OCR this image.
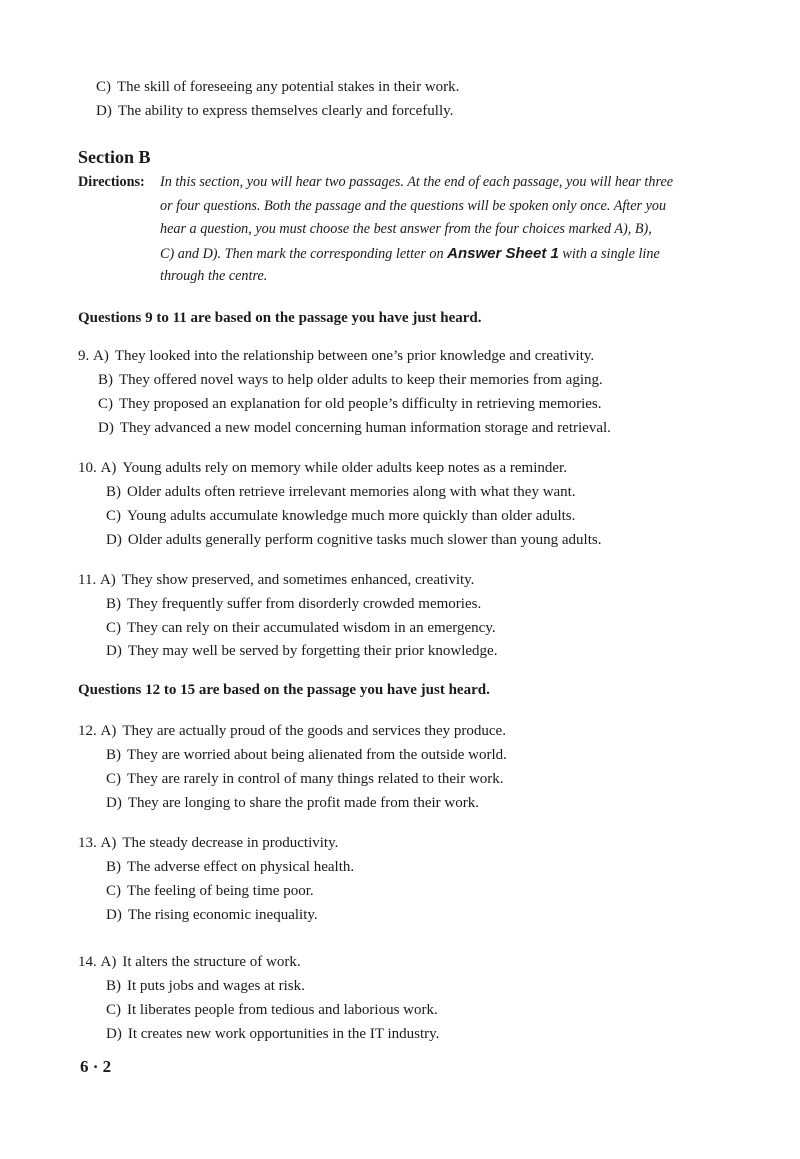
C) The skill of foreseeing any potential stakes in their work.
D) The ability to express themselves clearly and forcefully.
Section B
Directions: In this section, you will hear two passages. At the end of each passage, you will hear three
or four questions. Both the passage and the questions will be spoken only once. After you
hear a question, you must choose the best answer from the four choices marked A), B),
C) and D). Then mark the corresponding letter on Answer Sheet 1 with a single line
through the centre.
Questions 9 to 11 are based on the passage you have just heard.
9. A) They looked into the relationship between one’s prior knowledge and creativity.
B) They offered novel ways to help older adults to keep their memories from aging.
C) They proposed an explanation for old people’s difficulty in retrieving memories.
D) They advanced a new model concerning human information storage and retrieval.
10. A) Young adults rely on memory while older adults keep notes as a reminder.
B) Older adults often retrieve irrelevant memories along with what they want.
C) Young adults accumulate knowledge much more quickly than older adults.
D) Older adults generally perform cognitive tasks much slower than young adults.
11. A) They show preserved, and sometimes enhanced, creativity.
B) They frequently suffer from disorderly crowded memories.
C) They can rely on their accumulated wisdom in an emergency.
D) They may well be served by forgetting their prior knowledge.
Questions 12 to 15 are based on the passage you have just heard.
12. A) They are actually proud of the goods and services they produce.
B) They are worried about being alienated from the outside world.
C) They are rarely in control of many things related to their work.
D) They are longing to share the profit made from their work.
13. A) The steady decrease in productivity.
B) The adverse effect on physical health.
C) The feeling of being time poor.
D) The rising economic inequality.
14. A) It alters the structure of work.
B) It puts jobs and wages at risk.
C) It liberates people from tedious and laborious work.
D) It creates new work opportunities in the IT industry.
6 · 2
